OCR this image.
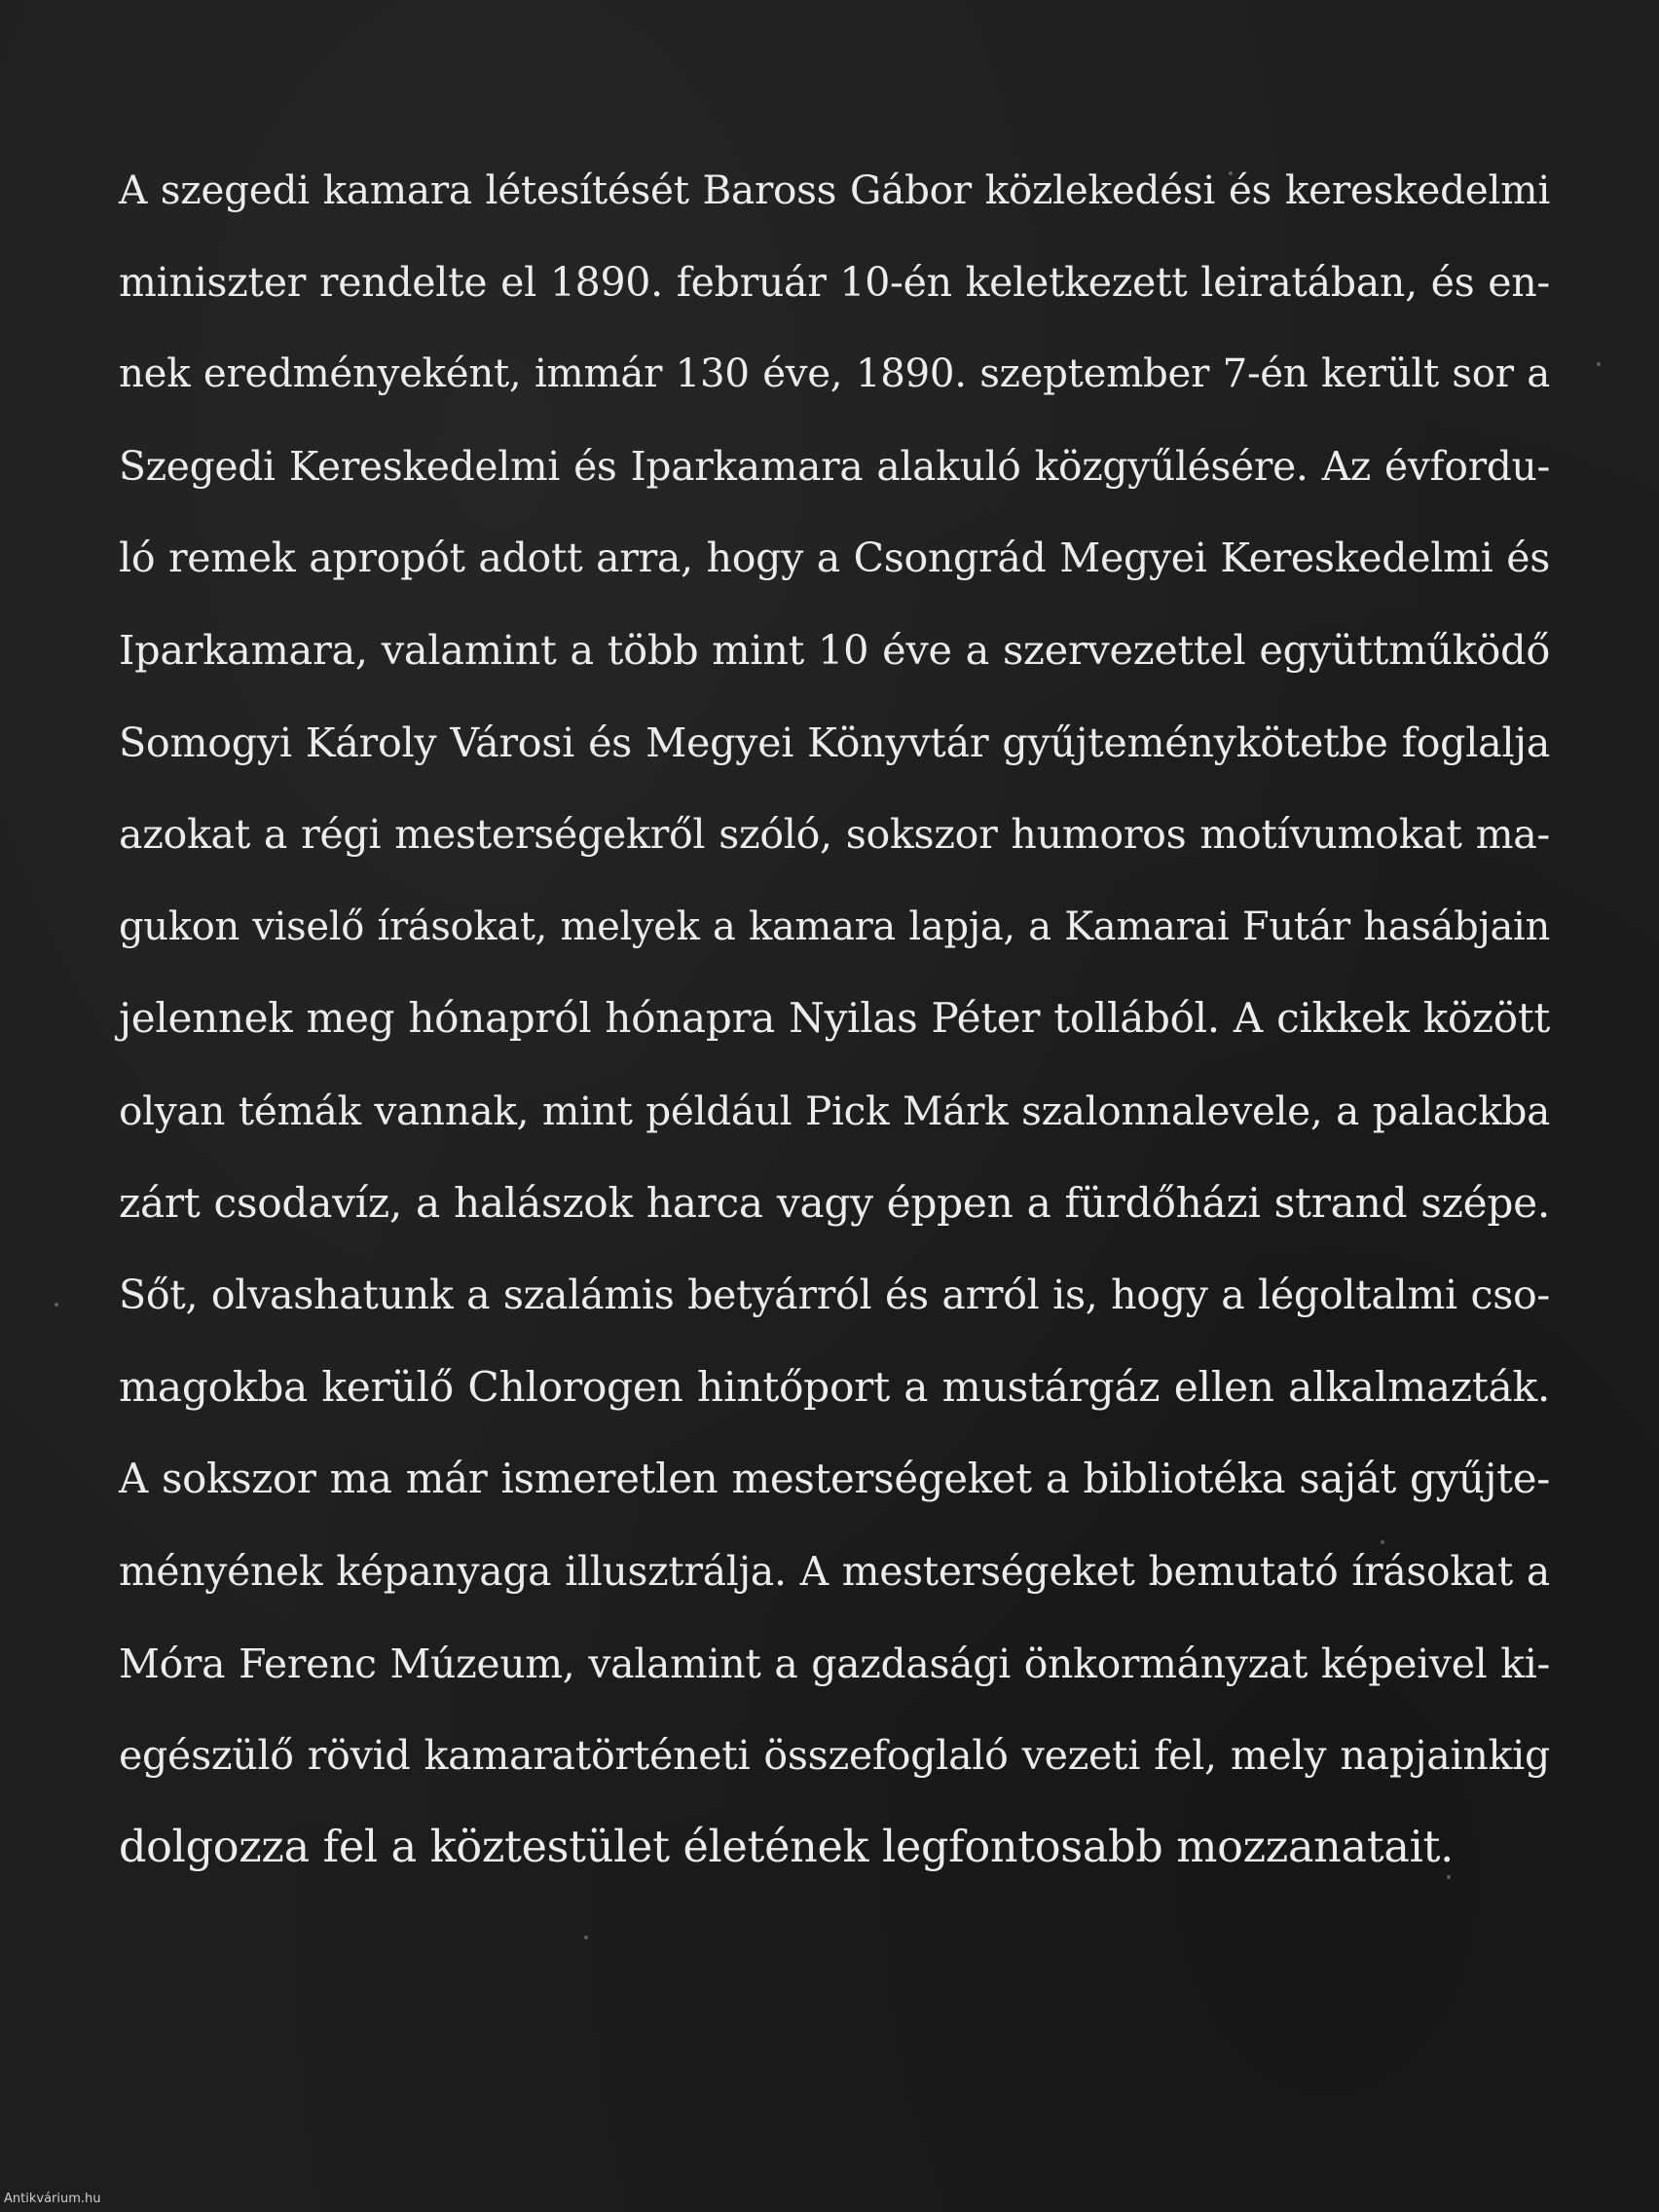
A szegedi kamara létesítését Baross Gábor közlekedési és kereskedelmi
miniszter rendelte el 1890. február 10-én keletkezett leiratában, és en-
nek eredményeként, immár 130 éve, 1890. szeptember 7-én került sor a
Szegedi Kereskedelmi és Iparkamara alakuló közgyűlésére. Az évfordu-
ló remek apropót adott arra, hogy a Csongrád Megyei Kereskedelmi és
Iparkamara, valamint a több mint 10 éve a szervezettel együttműködő
Somogyi Károly Városi és Megyei Könyvtár gyűjteménykötetbe foglalja
azokat a régi mesterségekről szóló, sokszor humoros motívumokat ma-
gukon viselő írásokat, melyek a kamara lapja, a Kamarai Futár hasábjain
jelennek meg hónapról hónapra Nyilas Péter tollából. A cikkek között
olyan témák vannak, mint például Pick Márk szalonnalevele, a palackba
zárt csodavíz, a halászok harca vagy éppen a fürdőházi strand szépe.
Sőt, olvashatunk a szalámis betyárról és arról is, hogy a légoltalmi cso-
magokba kerülő Chlorogen hintőport a mustárgáz ellen alkalmazták.
A sokszor ma már ismeretlen mesterségeket a bibliotéka saját gyűjte-
ményének képanyaga illusztrálja. A mesterségeket bemutató írásokat a
Móra Ferenc Múzeum, valamint a gazdasági önkormányzat képeivel ki-
egészülő rövid kamaratörténeti összefoglaló vezeti fel, mely napjainkig
dolgozza fel a köztestület életének legfontosabb mozzanatait.
Antikvárium.hu
